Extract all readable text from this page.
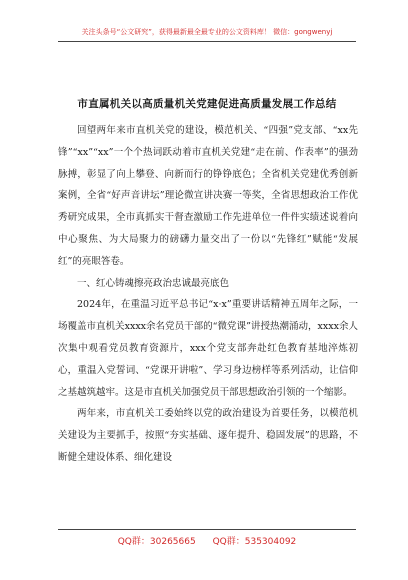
关注头条号“公文研究”，获得最新最全最专业的公文资料库！ 微信：gongwenyj
市直属机关以高质量机关党建促进高质量发展工作总结

回望两年来市直机关党的建设，模范机关、“四强”党支部、“xx先锋”“xx”“xx”一个个热词跃动着市直机关党建“走在前、作表率”的强劲脉搏，彰显了向上攀登、向新而行的铮铮底色；全省机关党建优秀创新案例，全省“好声音讲坛”理论微宣讲决赛一等奖，全省思想政治工作优秀研究成果，全市真抓实干督查激励工作先进单位一件件实绩述说着向中心聚焦、为大局聚力的磅礴力量交出了一份以“先锋红”赋能“发展红”的亮眼答卷。

一、红心铸魂擦亮政治忠诚最亮底色

2024年，在重温习近平总书记“x·x”重要讲话精神五周年之际，一场覆盖市直机关xxxx余名党员干部的“微党课”讲授热潮涌动，xxxx余人次集中观看党员教育资源片，xxx个党支部奔赴红色教育基地淬炼初心，重温入党誓词、“党课开讲啦”、学习身边榜样等系列活动，让信仰之基越筑越牢。这是市直机关加强党员干部思想政治引领的一个缩影。

两年来，市直机关工委始终以党的政治建设为首要任务，以模范机关建设为主要抓手，按照“夯实基础、逐年提升、稳固发展”的思路，不断健全建设体系、细化建设

QQ群：30265665 QQ群：535304092
